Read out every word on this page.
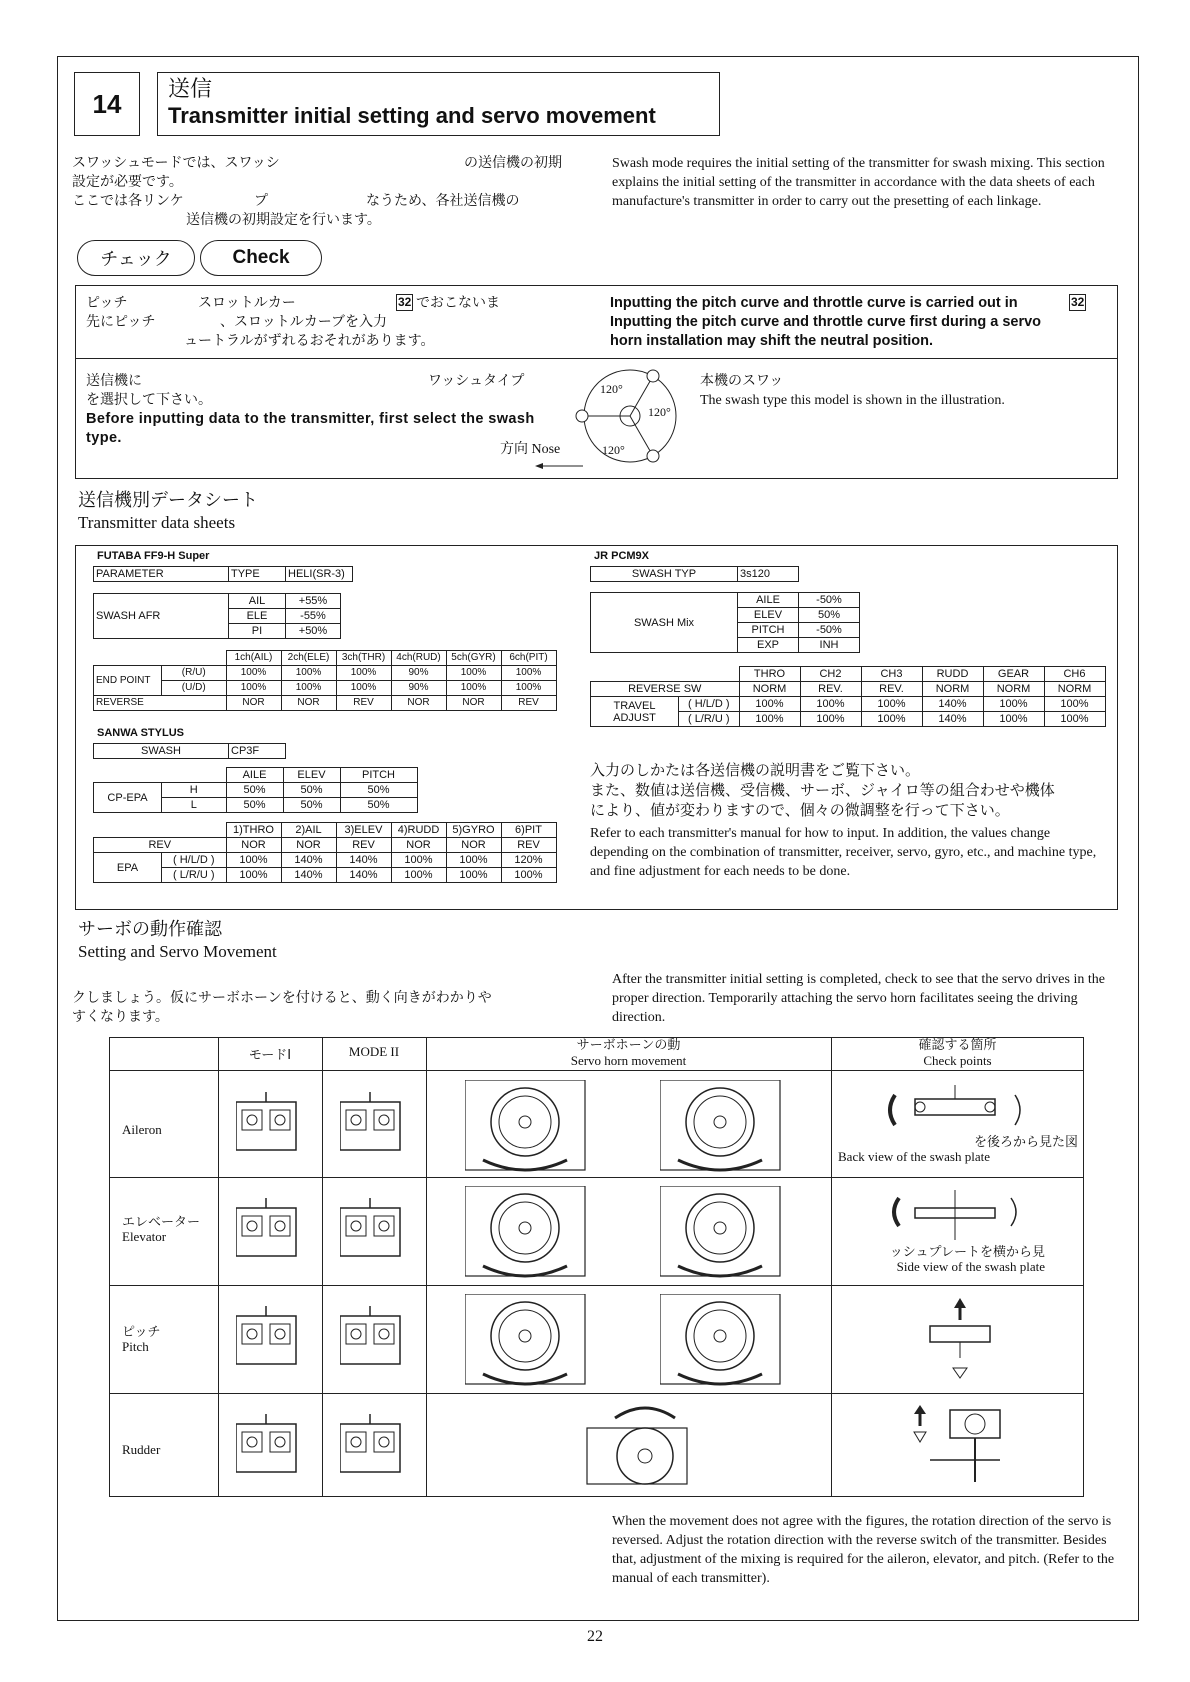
14	送信
Transmitter initial setting and servo movement
スワッシュモードでは、スワッシ	の送信機の初期
設定が必要です。
ここでは各リンケ	プ	なうため、各社送信機の
送信機の初期設定を行います。
Swash mode requires the initial setting of the transmitter for swash mixing. This section explains the initial setting of the transmitter in accordance with the data sheets of each manufacture's transmitter in order to carry out the presetting of each linkage.
チェック	Check
ピッチ	スロットルカー	32 でおこないま
先にピッチ	、スロットルカーブを入力
ュートラルがずれるおそれがあります。
Inputting the pitch curve and throttle curve is carried out in	32
Inputting the pitch curve and throttle curve first during a servo
horn installation may shift the neutral position.
送信機に	ワッシュタイプ
を選択して下さい。
Before inputting data to the transmitter, first select the swash type.
方向 Nose
120°
120°
120°
本機のスワッ
The swash type this model is shown in the illustration.
送信機別データシート
Transmitter data sheets
FUTABA FF9-H Super
PARAMETER	TYPE	HELI(SR-3)
SWASH AFR	AIL	+55%
	ELE	-55%
	PI	+50%
		1ch(AIL)	2ch(ELE)	3ch(THR)	4ch(RUD)	5ch(GYR)	6ch(PIT)
END POINT	(R/U)	100%	100%	100%	90%	100%	100%
	(U/D)	100%	100%	100%	90%	100%	100%
REVERSE		NOR	NOR	REV	NOR	NOR	REV
SANWA STYLUS
SWASH	CP3F
		AILE	ELEV	PITCH
CP-EPA	H	50%	50%	50%
	L	50%	50%	50%
		1)THRO	2)AIL	3)ELEV	4)RUDD	5)GYRO	6)PIT
REV		NOR	NOR	REV	NOR	NOR	REV
EPA	( H/L/D )	100%	140%	140%	100%	100%	120%
	( L/R/U )	100%	140%	140%	100%	100%	100%
JR PCM9X
SWASH TYP	3s120
SWASH Mix	AILE	-50%
	ELEV	50%
	PITCH	-50%
	EXP	INH
		THRO	CH2	CH3	RUDD	GEAR	CH6
REVERSE SW		NORM	REV.	REV.	NORM	NORM	NORM
TRAVEL
ADJUST	( H/L/D )	100%	100%	100%	140%	100%	100%
	( L/R/U )	100%	100%	100%	140%	100%	100%
入力のしかたは各送信機の説明書をご覧下さい。
また、数値は送信機、受信機、サーボ、ジャイロ等の組合わせや機体
により、値が変わりますので、個々の微調整を行って下さい。
Refer to each transmitter's manual for how to input. In addition, the values change depending on the combination of transmitter, receiver, servo, gyro, etc., and machine type, and fine adjustment for each needs to be done.
サーボの動作確認
Setting and Servo Movement
クしましょう。仮にサーボホーンを付けると、動く向きがわかりや
すくなります。
After the transmitter initial setting is completed, check to see that the servo drives in the proper direction. Temporarily attaching the servo horn facilitates seeing the driving direction.
モードⅠ	MODE II	サーボホーンの動
Servo horn movement
確認する箇所
Check points
Aileron
エレベーター
Elevator
ピッチ
Pitch
Rudder
を後ろから見た図
Back view of the swash plate
ッシュプレートを横から見
Side view of the swash plate
When the movement does not agree with the figures, the rotation direction of the servo is reversed. Adjust the rotation direction with the reverse switch of the transmitter. Besides that, adjustment of the mixing is required for the aileron, elevator, and pitch. (Refer to the manual of each transmitter).
22
